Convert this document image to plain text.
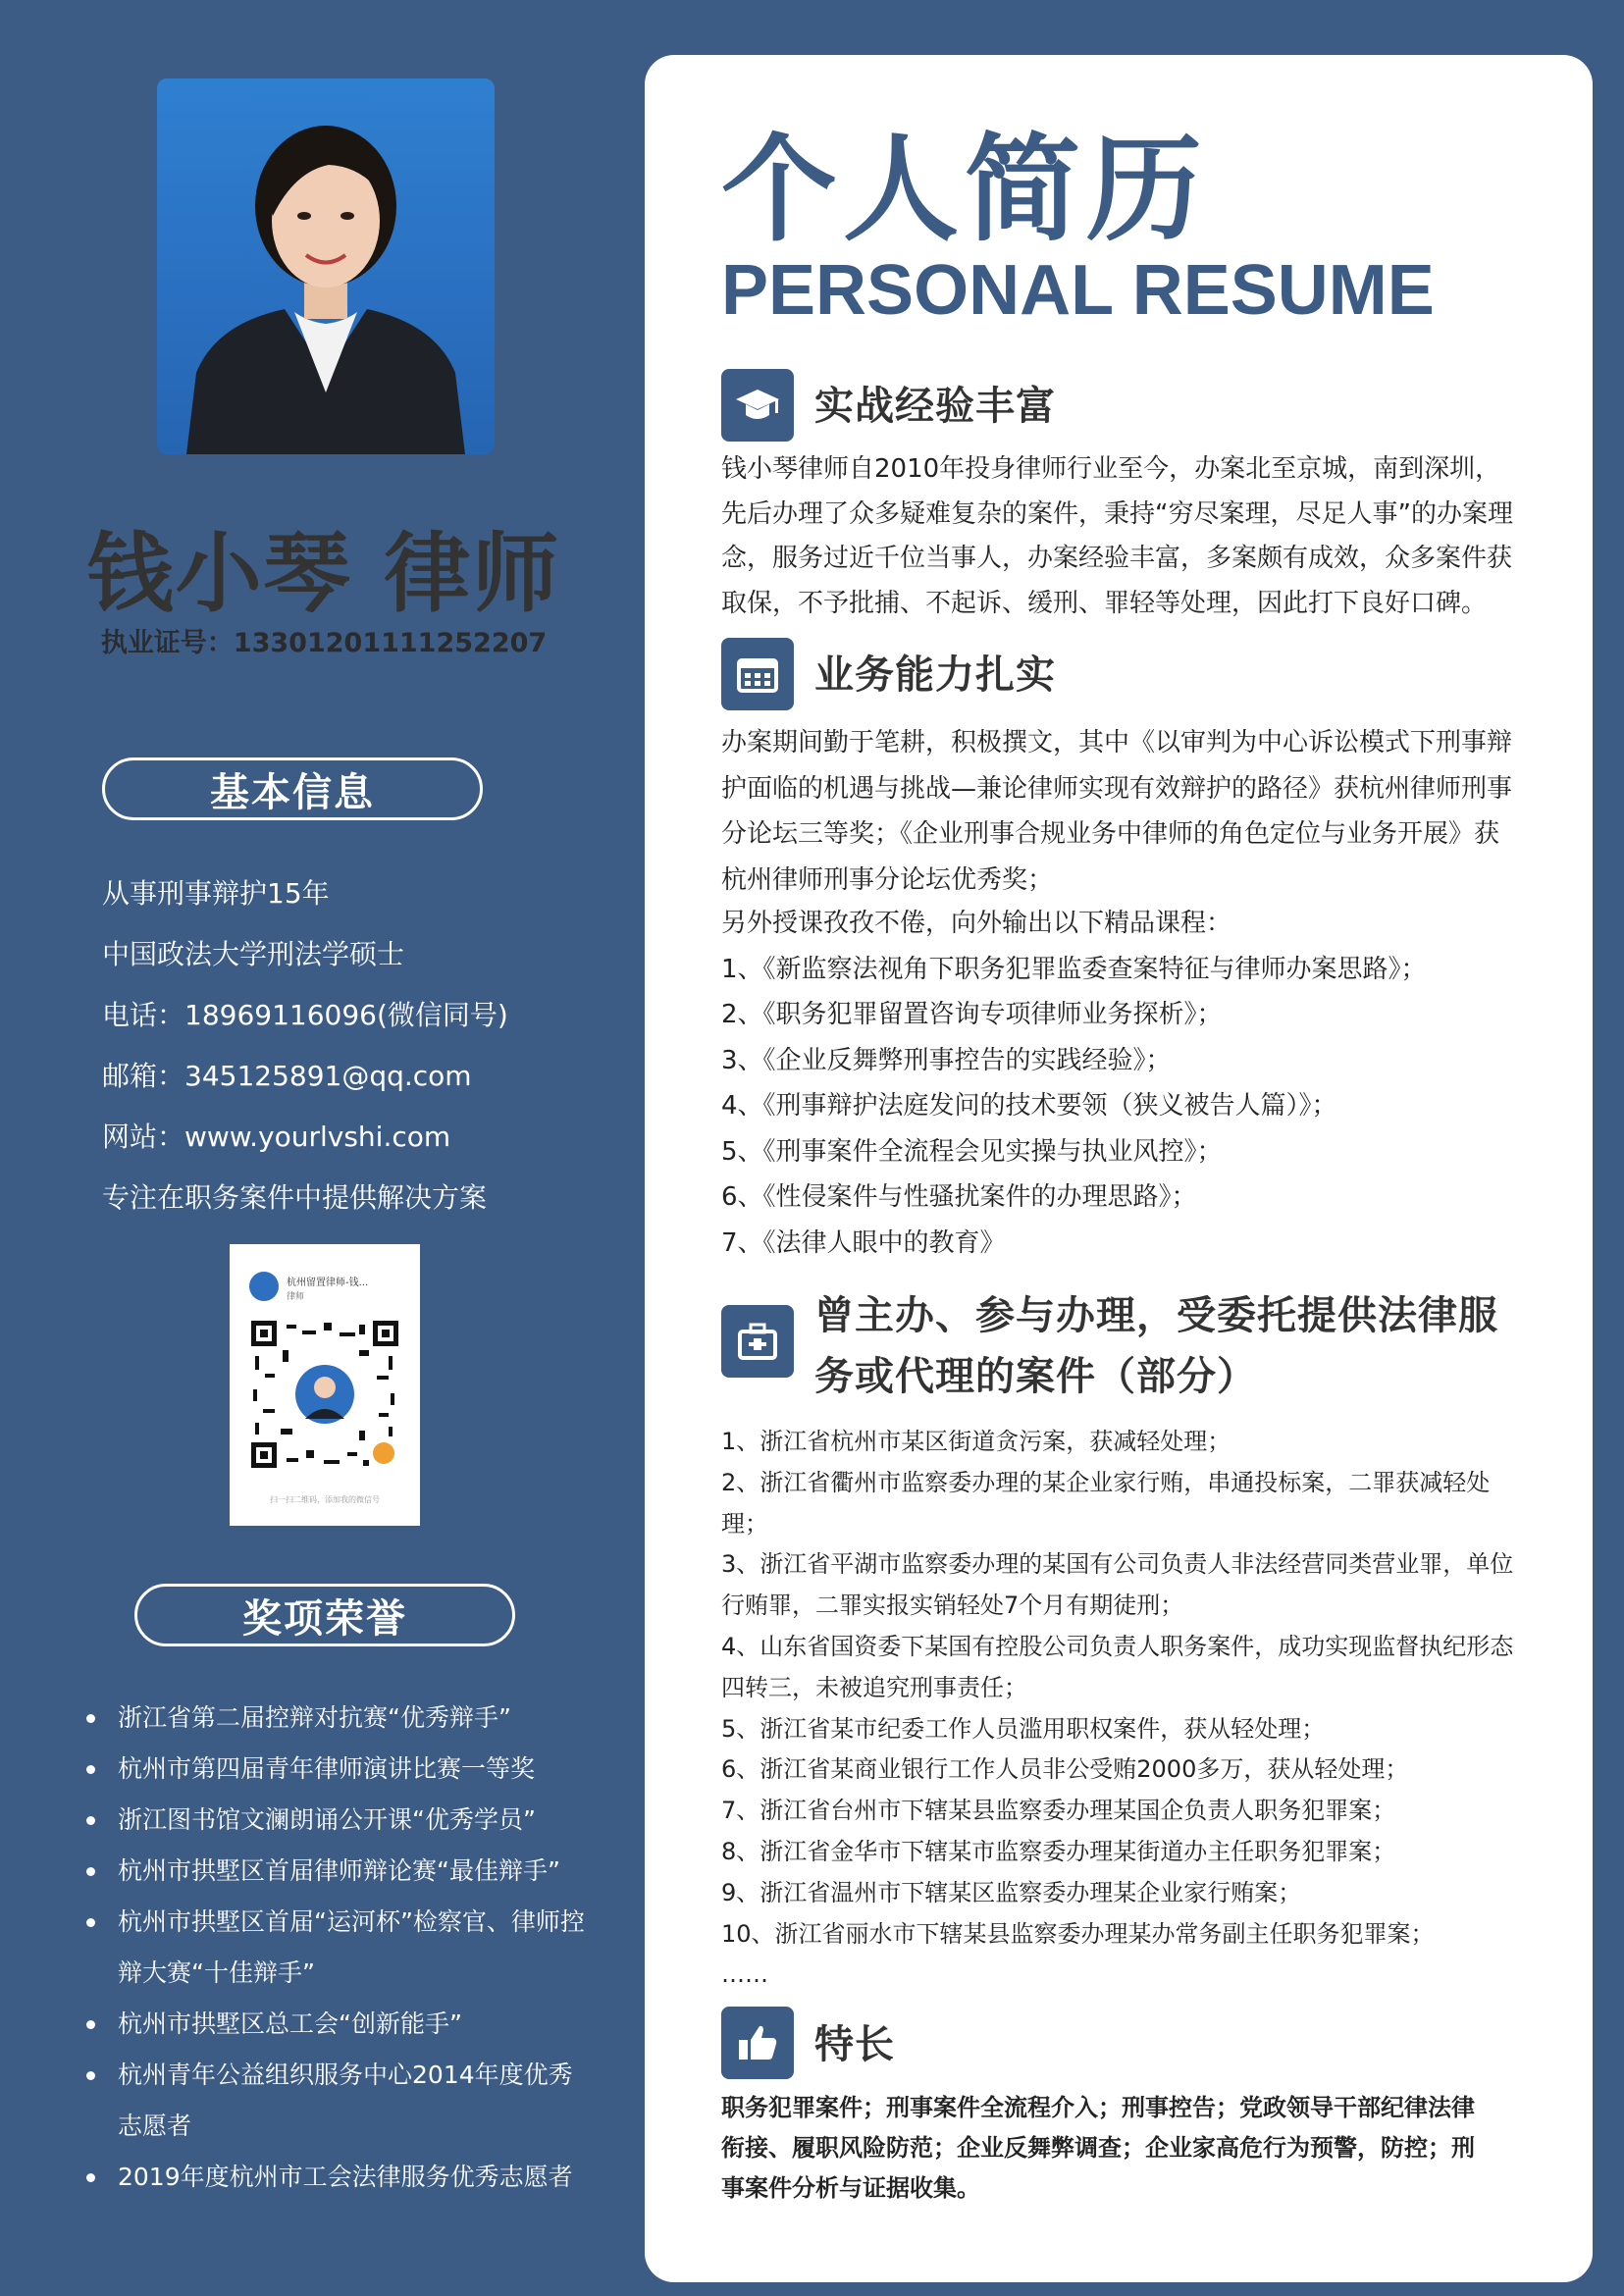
钱小琴 律师
执业证号：13301201111252207
基本信息
从事刑事辩护15年
中国政法大学刑法学硕士
电话：18969116096(微信同号)
邮箱：345125891@qq.com
网站：www.yourlvshi.com
专注在职务案件中提供解决方案
杭州留置律师-钱...
律师
扫一扫二维码，添加我的微信号
奖项荣誉
浙江省第二届控辩对抗赛“优秀辩手”
杭州市第四届青年律师演讲比赛一等奖
浙江图书馆文澜朗诵公开课“优秀学员”
杭州市拱墅区首届律师辩论赛“最佳辩手”
杭州市拱墅区首届“运河杯”检察官、律师控辩大赛“十佳辩手”
杭州市拱墅区总工会“创新能手”
杭州青年公益组织服务中心2014年度优秀志愿者
2019年度杭州市工会法律服务优秀志愿者
个人简历
PERSONAL RESUME
实战经验丰富

钱小琴律师自2010年投身律师行业至今，办案北至京城，南到深圳，先后办理了众多疑难复杂的案件，秉持“穷尽案理，尽足人事”的办案理念，服务过近千位当事人，办案经验丰富，多案颇有成效，众多案件获取保，不予批捕、不起诉、缓刑、罪轻等处理，因此打下良好口碑。

业务能力扎实

办案期间勤于笔耕，积极撰文，其中《以审判为中心诉讼模式下刑事辩护面临的机遇与挑战—兼论律师实现有效辩护的路径》获杭州律师刑事分论坛三等奖；《企业刑事合规业务中律师的角色定位与业务开展》获杭州律师刑事分论坛优秀奖；

另外授课孜孜不倦，向外输出以下精品课程：
1、《新监察法视角下职务犯罪监委查案特征与律师办案思路》；
2、《职务犯罪留置咨询专项律师业务探析》；
3、《企业反舞弊刑事控告的实践经验》；
4、《刑事辩护法庭发问的技术要领（狭义被告人篇）》；
5、《刑事案件全流程会见实操与执业风控》；
6、《性侵案件与性骚扰案件的办理思路》；
7、《法律人眼中的教育》
曾主办、参与办理，受委托提供法律服
务或代理的案件（部分）
1、浙江省杭州市某区街道贪污案，获减轻处理；
2、浙江省衢州市监察委办理的某企业家行贿，串通投标案，二罪获减轻处理；
3、浙江省平湖市监察委办理的某国有公司负责人非法经营同类营业罪，单位行贿罪，二罪实报实销轻处7个月有期徒刑；
4、山东省国资委下某国有控股公司负责人职务案件，成功实现监督执纪形态四转三，未被追究刑事责任；
5、浙江省某市纪委工作人员滥用职权案件，获从轻处理；
6、浙江省某商业银行工作人员非公受贿2000多万，获从轻处理；
7、浙江省台州市下辖某县监察委办理某国企负责人职务犯罪案；
8、浙江省金华市下辖某市监察委办理某街道办主任职务犯罪案；
9、浙江省温州市下辖某区监察委办理某企业家行贿案；
10、浙江省丽水市下辖某县监察委办理某办常务副主任职务犯罪案；
……
特长

职务犯罪案件；刑事案件全流程介入；刑事控告；党政领导干部纪律法律衔接、履职风险防范；企业反舞弊调查；企业家高危行为预警，防控；刑事案件分析与证据收集。
